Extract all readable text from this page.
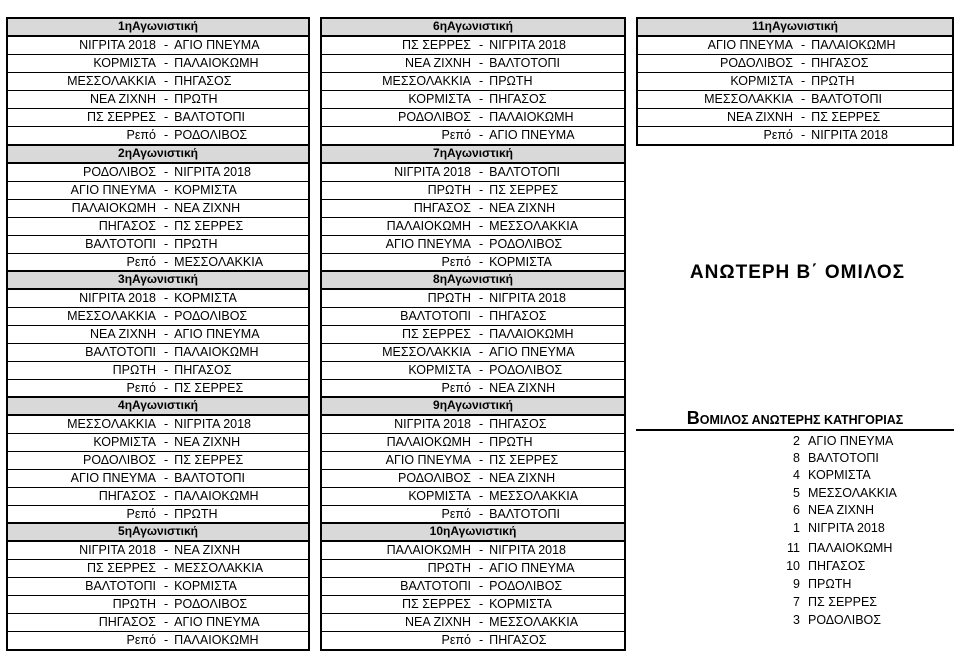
1ηΑγωνιστική
ΝΙΓΡΙΤΑ 2018 - ΑΓΙΟ ΠΝΕΥΜΑ
ΚΟΡΜΙΣΤΑ - ΠΑΛΑΙΟΚΩΜΗ
ΜΕΣΣΟΛΑΚΚΙΑ - ΠΗΓΑΣΟΣ
ΝΕΑ ΖΙΧΝΗ - ΠΡΩΤΗ
ΠΣ ΣΕΡΡΕΣ - ΒΑΛΤΟΤΟΠΙ
Ρεπό - ΡΟΔΟΛΙΒΟΣ
2ηΑγωνιστική
ΡΟΔΟΛΙΒΟΣ - ΝΙΓΡΙΤΑ 2018
ΑΓΙΟ ΠΝΕΥΜΑ - ΚΟΡΜΙΣΤΑ
ΠΑΛΑΙΟΚΩΜΗ - ΝΕΑ ΖΙΧΝΗ
ΠΗΓΑΣΟΣ - ΠΣ ΣΕΡΡΕΣ
ΒΑΛΤΟΤΟΠΙ - ΠΡΩΤΗ
Ρεπό - ΜΕΣΣΟΛΑΚΚΙΑ
3ηΑγωνιστική
ΝΙΓΡΙΤΑ 2018 - ΚΟΡΜΙΣΤΑ
ΜΕΣΣΟΛΑΚΚΙΑ - ΡΟΔΟΛΙΒΟΣ
ΝΕΑ ΖΙΧΝΗ - ΑΓΙΟ ΠΝΕΥΜΑ
ΒΑΛΤΟΤΟΠΙ - ΠΑΛΑΙΟΚΩΜΗ
ΠΡΩΤΗ - ΠΗΓΑΣΟΣ
Ρεπό - ΠΣ ΣΕΡΡΕΣ
4ηΑγωνιστική
ΜΕΣΣΟΛΑΚΚΙΑ - ΝΙΓΡΙΤΑ 2018
ΚΟΡΜΙΣΤΑ - ΝΕΑ ΖΙΧΝΗ
ΡΟΔΟΛΙΒΟΣ - ΠΣ ΣΕΡΡΕΣ
ΑΓΙΟ ΠΝΕΥΜΑ - ΒΑΛΤΟΤΟΠΙ
ΠΗΓΑΣΟΣ - ΠΑΛΑΙΟΚΩΜΗ
Ρεπό - ΠΡΩΤΗ
5ηΑγωνιστική
ΝΙΓΡΙΤΑ 2018 - ΝΕΑ ΖΙΧΝΗ
ΠΣ ΣΕΡΡΕΣ - ΜΕΣΣΟΛΑΚΚΙΑ
ΒΑΛΤΟΤΟΠΙ - ΚΟΡΜΙΣΤΑ
ΠΡΩΤΗ - ΡΟΔΟΛΙΒΟΣ
ΠΗΓΑΣΟΣ - ΑΓΙΟ ΠΝΕΥΜΑ
Ρεπό - ΠΑΛΑΙΟΚΩΜΗ
6ηΑγωνιστική
ΠΣ ΣΕΡΡΕΣ - ΝΙΓΡΙΤΑ 2018
ΝΕΑ ΖΙΧΝΗ - ΒΑΛΤΟΤΟΠΙ
ΜΕΣΣΟΛΑΚΚΙΑ - ΠΡΩΤΗ
ΚΟΡΜΙΣΤΑ - ΠΗΓΑΣΟΣ
ΡΟΔΟΛΙΒΟΣ - ΠΑΛΑΙΟΚΩΜΗ
Ρεπό - ΑΓΙΟ ΠΝΕΥΜΑ
7ηΑγωνιστική
ΝΙΓΡΙΤΑ 2018 - ΒΑΛΤΟΤΟΠΙ
ΠΡΩΤΗ - ΠΣ ΣΕΡΡΕΣ
ΠΗΓΑΣΟΣ - ΝΕΑ ΖΙΧΝΗ
ΠΑΛΑΙΟΚΩΜΗ - ΜΕΣΣΟΛΑΚΚΙΑ
ΑΓΙΟ ΠΝΕΥΜΑ - ΡΟΔΟΛΙΒΟΣ
Ρεπό - ΚΟΡΜΙΣΤΑ
8ηΑγωνιστική
ΠΡΩΤΗ - ΝΙΓΡΙΤΑ 2018
ΒΑΛΤΟΤΟΠΙ - ΠΗΓΑΣΟΣ
ΠΣ ΣΕΡΡΕΣ - ΠΑΛΑΙΟΚΩΜΗ
ΜΕΣΣΟΛΑΚΚΙΑ - ΑΓΙΟ ΠΝΕΥΜΑ
ΚΟΡΜΙΣΤΑ - ΡΟΔΟΛΙΒΟΣ
Ρεπό - ΝΕΑ ΖΙΧΝΗ
9ηΑγωνιστική
ΝΙΓΡΙΤΑ 2018 - ΠΗΓΑΣΟΣ
ΠΑΛΑΙΟΚΩΜΗ - ΠΡΩΤΗ
ΑΓΙΟ ΠΝΕΥΜΑ - ΠΣ ΣΕΡΡΕΣ
ΡΟΔΟΛΙΒΟΣ - ΝΕΑ ΖΙΧΝΗ
ΚΟΡΜΙΣΤΑ - ΜΕΣΣΟΛΑΚΚΙΑ
Ρεπό - ΒΑΛΤΟΤΟΠΙ
10ηΑγωνιστική
ΠΑΛΑΙΟΚΩΜΗ - ΝΙΓΡΙΤΑ 2018
ΠΡΩΤΗ - ΑΓΙΟ ΠΝΕΥΜΑ
ΒΑΛΤΟΤΟΠΙ - ΡΟΔΟΛΙΒΟΣ
ΠΣ ΣΕΡΡΕΣ - ΚΟΡΜΙΣΤΑ
ΝΕΑ ΖΙΧΝΗ - ΜΕΣΣΟΛΑΚΚΙΑ
Ρεπό - ΠΗΓΑΣΟΣ
11ηΑγωνιστική
ΑΓΙΟ ΠΝΕΥΜΑ - ΠΑΛΑΙΟΚΩΜΗ
ΡΟΔΟΛΙΒΟΣ - ΠΗΓΑΣΟΣ
ΚΟΡΜΙΣΤΑ - ΠΡΩΤΗ
ΜΕΣΣΟΛΑΚΚΙΑ - ΒΑΛΤΟΤΟΠΙ
ΝΕΑ ΖΙΧΝΗ - ΠΣ ΣΕΡΡΕΣ
Ρεπό - ΝΙΓΡΙΤΑ 2018
ΑΝΩΤΕΡΗ Β΄ ΟΜΙΛΟΣ
ΒΟΜΙΛΟΣ ΑΝΩΤΕΡΗΣ ΚΑΤΗΓΟΡΙΑΣ
2 ΑΓΙΟ ΠΝΕΥΜΑ
8 ΒΑΛΤΟΤΟΠΙ
4 ΚΟΡΜΙΣΤΑ
5 ΜΕΣΣΟΛΑΚΚΙΑ
6 ΝΕΑ ΖΙΧΝΗ
1 ΝΙΓΡΙΤΑ 2018
11 ΠΑΛΑΙΟΚΩΜΗ
10 ΠΗΓΑΣΟΣ
9 ΠΡΩΤΗ
7 ΠΣ ΣΕΡΡΕΣ
3 ΡΟΔΟΛΙΒΟΣ
